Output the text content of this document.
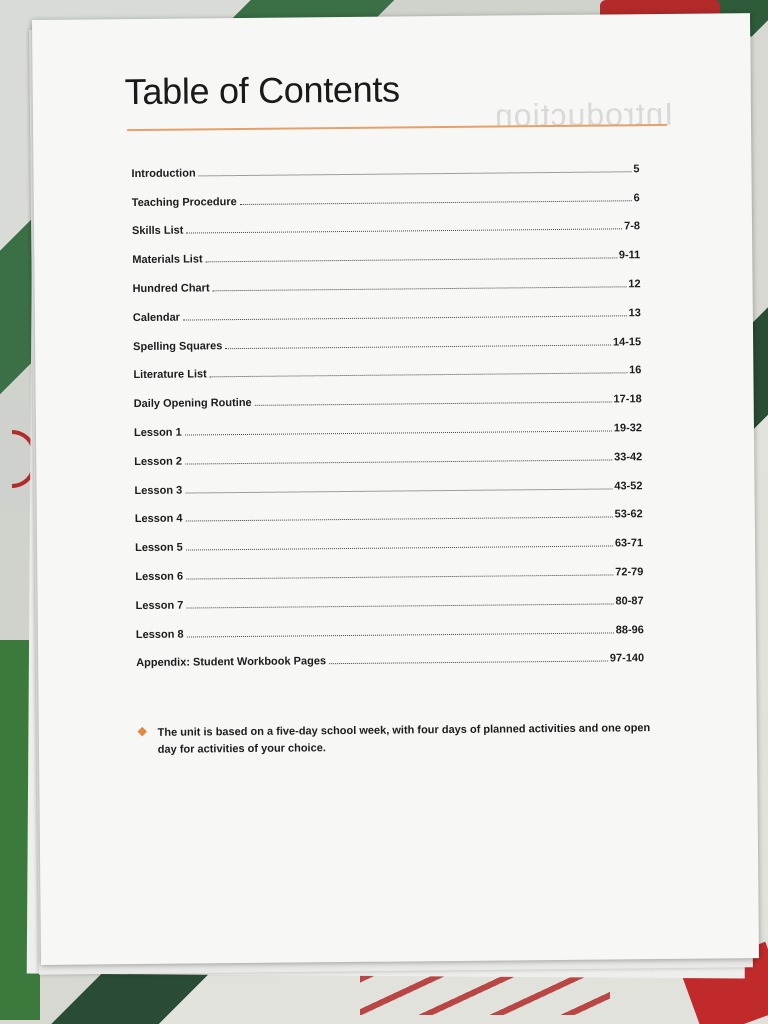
Introduction
Table of Contents
Introduction	5
Teaching Procedure	6
Skills List	7-8
Materials List	9-11
Hundred Chart	12
Calendar	13
Spelling Squares	14-15
Literature List	16
Daily Opening Routine	17-18
Lesson 1	19-32
Lesson 2	33-42
Lesson 3	43-52
Lesson 4	53-62
Lesson 5	63-71
Lesson 6	72-79
Lesson 7	80-87
Lesson 8	88-96
Appendix: Student Workbook Pages	97-140
❖ The unit is based on a five-day school week, with four days of planned activities and one open day for activities of your choice.
